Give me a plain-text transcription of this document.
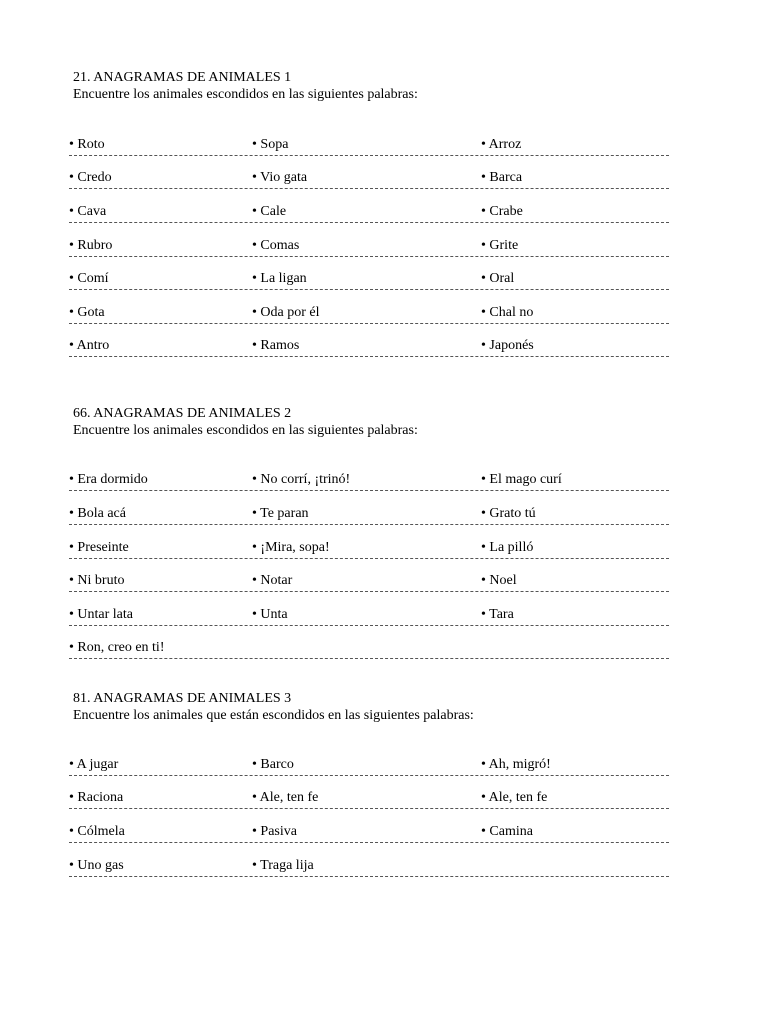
21. ANAGRAMAS DE ANIMALES 1

Encuentre los animales escondidos en las siguientes palabras:

• Roto	• Sopa	• Arroz
• Credo	• Vio gata	• Barca
• Cava	• Cale	• Crabe
• Rubro	• Comas	• Grite
• Comí	• La ligan	• Oral
• Gota	• Oda por él	• Chal no
• Antro	• Ramos	• Japonés
66. ANAGRAMAS DE ANIMALES 2

Encuentre los animales escondidos en las siguientes palabras:

• Era dormido	• No corrí, ¡trinó!	• El mago curí
• Bola acá	• Te paran	• Grato tú
• Preseinte	• ¡Mira, sopa!	• La pilló
• Ni bruto	• Notar	• Noel
• Untar lata	• Unta	• Tara
• Ron, creo en ti!
81. ANAGRAMAS DE ANIMALES 3

Encuentre los animales que están escondidos en las siguientes palabras:

• A jugar	• Barco	• Ah, migró!
• Raciona	• Ale, ten fe	• Ale, ten fe
• Cólmela	• Pasiva	• Camina
• Uno gas	• Traga lija
